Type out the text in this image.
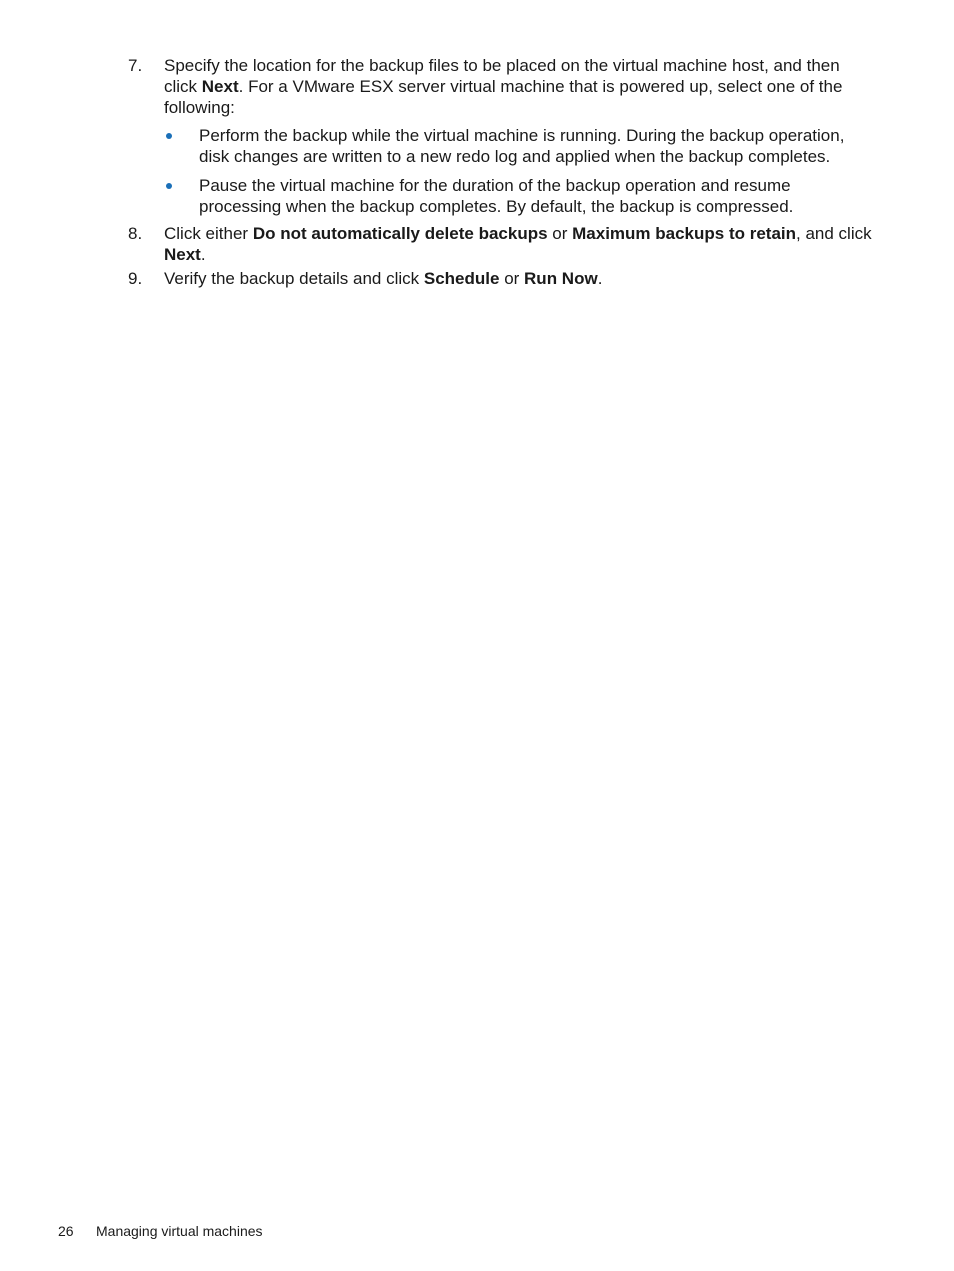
7.	Specify the location for the backup files to be placed on the virtual machine host, and then click Next. For a VMware ESX server virtual machine that is powered up, select one of the following:
Perform the backup while the virtual machine is running. During the backup operation, disk changes are written to a new redo log and applied when the backup completes.
Pause the virtual machine for the duration of the backup operation and resume processing when the backup completes. By default, the backup is compressed.
8.	Click either Do not automatically delete backups or Maximum backups to retain, and click Next.
9.	Verify the backup details and click Schedule or Run Now.
26 Managing virtual machines
